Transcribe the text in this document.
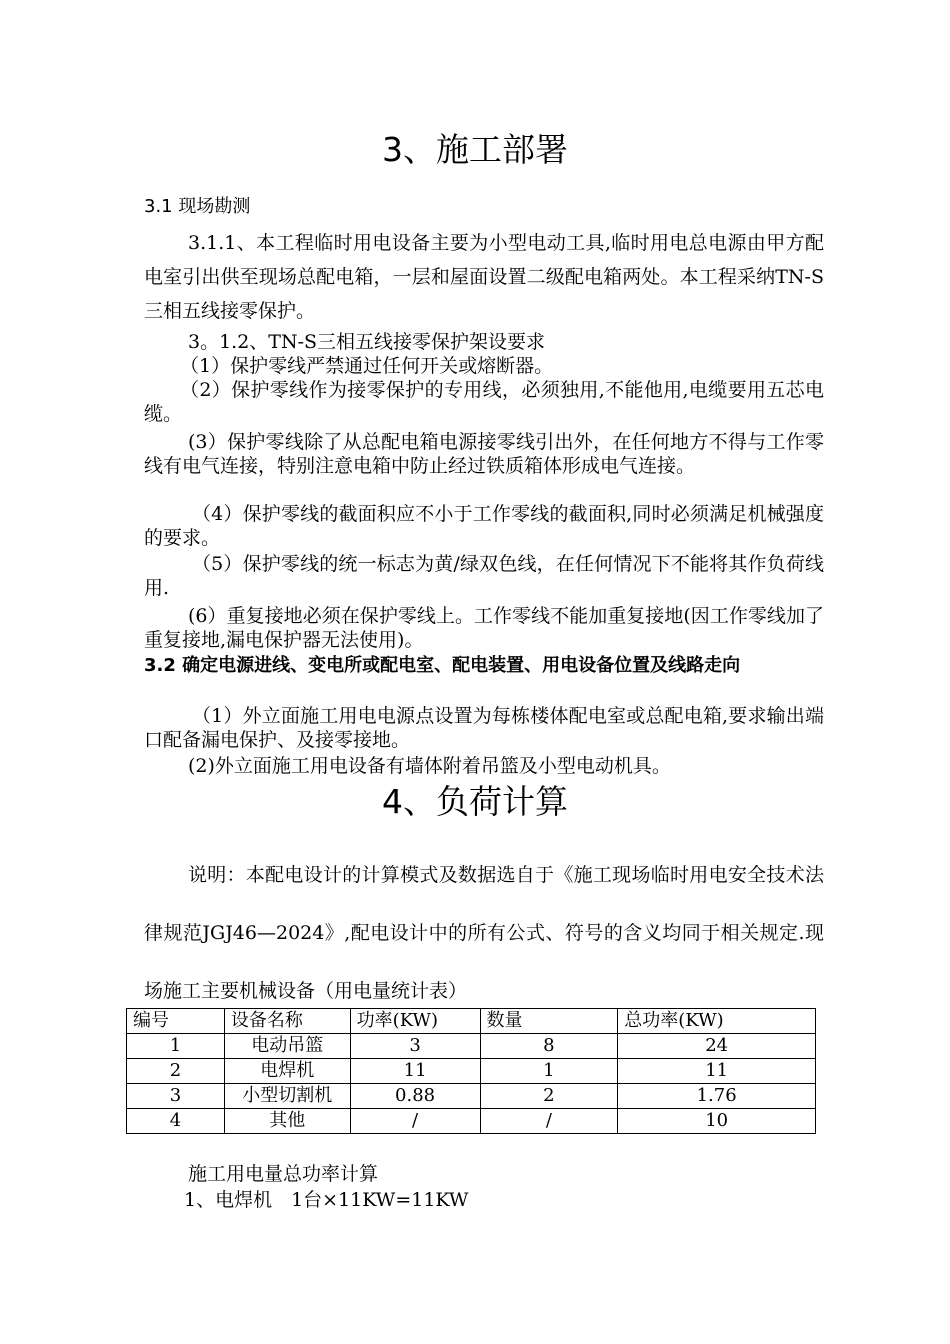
3、施工部署
3.1 现场勘测
3.1.1、本工程临时用电设备主要为小型电动工具,临时用电总电源由甲方配电室引出供至现场总配电箱，一层和屋面设置二级配电箱两处。本工程采纳TN-S三相五线接零保护。
3。1.2、TN-S三相五线接零保护架设要求
（1）保护零线严禁通过任何开关或熔断器。
（2）保护零线作为接零保护的专用线，必须独用,不能他用,电缆要用五芯电缆。
(3）保护零线除了从总配电箱电源接零线引出外，在任何地方不得与工作零线有电气连接，特别注意电箱中防止经过铁质箱体形成电气连接。
（4）保护零线的截面积应不小于工作零线的截面积,同时必须满足机械强度的要求。
（5）保护零线的统一标志为黄/绿双色线，在任何情况下不能将其作负荷线用.
(6）重复接地必须在保护零线上。工作零线不能加重复接地(因工作零线加了重复接地,漏电保护器无法使用)。
3.2 确定电源进线、变电所或配电室、配电装置、用电设备位置及线路走向
（1）外立面施工用电电源点设置为每栋楼体配电室或总配电箱,要求输出端口配备漏电保护、及接零接地。
(2)外立面施工用电设备有墙体附着吊篮及小型电动机具。
4、负荷计算
说明：本配电设计的计算模式及数据选自于《施工现场临时用电安全技术法律规范JGJ46—2024》,配电设计中的所有公式、符号的含义均同于相关规定.现场施工主要机械设备（用电量统计表）
编号	设备名称	功率(KW)	数量	总功率(KW)
1	电动吊篮	3	8	24
2	电焊机	11	1	11
3	小型切割机	0.88	2	1.76
4	其他	/	/	10
施工用电量总功率计算
1、电焊机　1台×11KW=11KW
